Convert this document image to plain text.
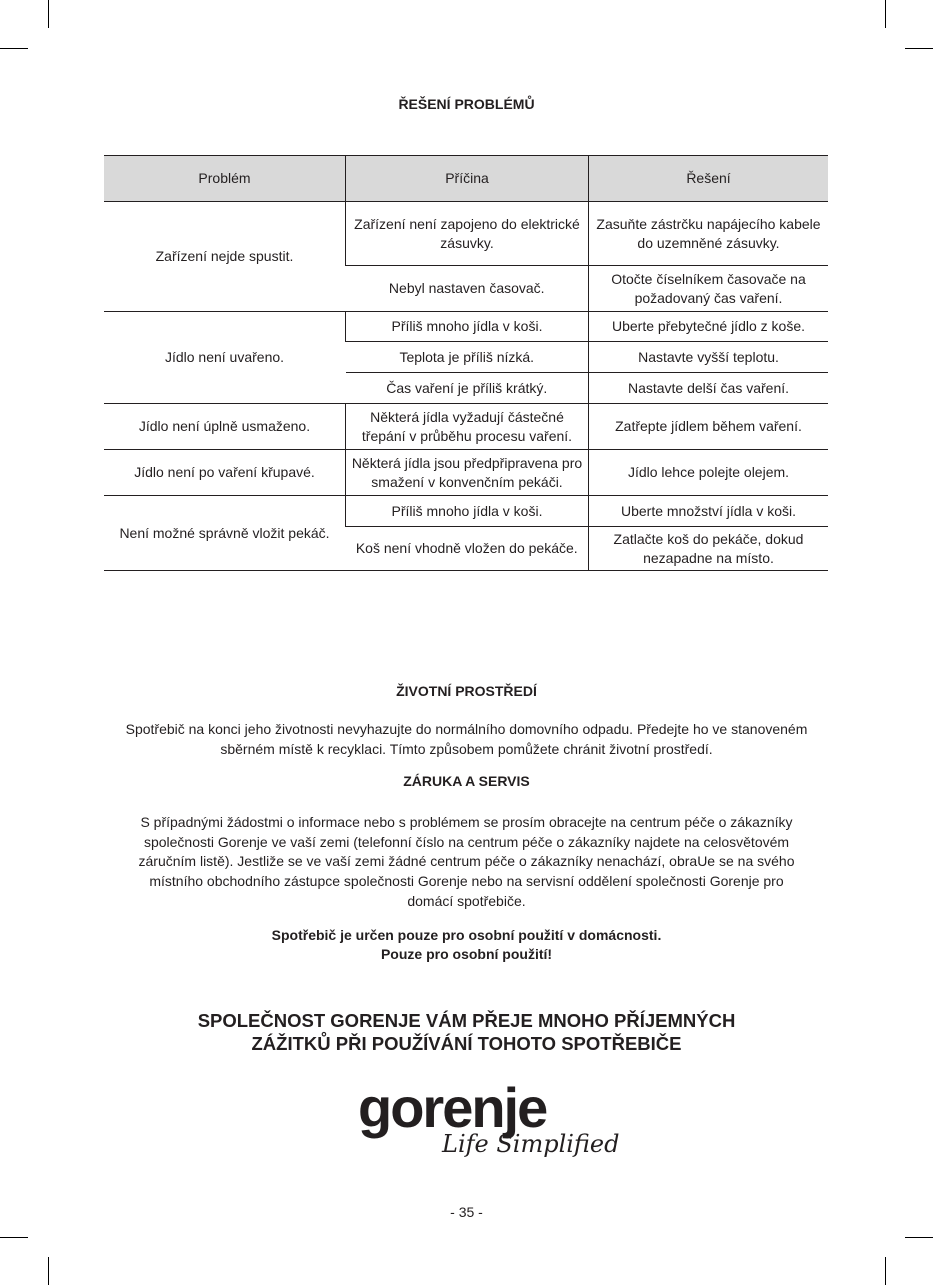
ŘEŠENÍ PROBLÉMŮ
Problém	Příčina	Řešení
Zařízení nejde spustit.	Zařízení není zapojeno do elektrické zásuvky.	Zasuňte zástrčku napájecího kabele do uzemněné zásuvky.
	Nebyl nastaven časovač.	Otočte číselníkem časovače na požadovaný čas vaření.
Jídlo není uvařeno.	Příliš mnoho jídla v koši.	Uberte přebytečné jídlo z koše.
	Teplota je příliš nízká.	Nastavte vyšší teplotu.
	Čas vaření je příliš krátký.	Nastavte delší čas vaření.
Jídlo není úplně usmaženo.	Některá jídla vyžadují částečné třepání v průběhu procesu vaření.	Zatřepte jídlem během vaření.
Jídlo není po vaření křupavé.	Některá jídla jsou předpřipravena pro smažení v konvenčním pekáči.	Jídlo lehce polejte olejem.
Není možné správně vložit pekáč.	Příliš mnoho jídla v koši.	Uberte množství jídla v koši.
	Koš není vhodně vložen do pekáče.	Zatlačte koš do pekáče, dokud nezapadne na místo.
ŽIVOTNÍ PROSTŘEDÍ
Spotřebič na konci jeho životnosti nevyhazujte do normálního domovního odpadu. Předejte ho ve stanoveném sběrném místě k recyklaci. Tímto způsobem pomůžete chránit životní prostředí.
ZÁRUKA A SERVIS
S případnými žádostmi o informace nebo s problémem se prosím obracejte na centrum péče o zákazníky společnosti Gorenje ve vaší zemi (telefonní číslo na centrum péče o zákazníky najdete na celosvětovém záručním listě). Jestliže se ve vaší zemi žádné centrum péče o zákazníky nenachází, obraUe se na svého místního obchodního zástupce společnosti Gorenje nebo na servisní oddělení společnosti Gorenje pro domácí spotřebiče.
Spotřebič je určen pouze pro osobní použití v domácnosti.
Pouze pro osobní použití!
SPOLEČNOST GORENJE VÁM PŘEJE MNOHO PŘÍJEMNÝCH
ZÁŽITKŮ PŘI POUŽÍVÁNÍ TOHOTO SPOTŘEBIČE
gorenje
Life Simplified
- 35 -
